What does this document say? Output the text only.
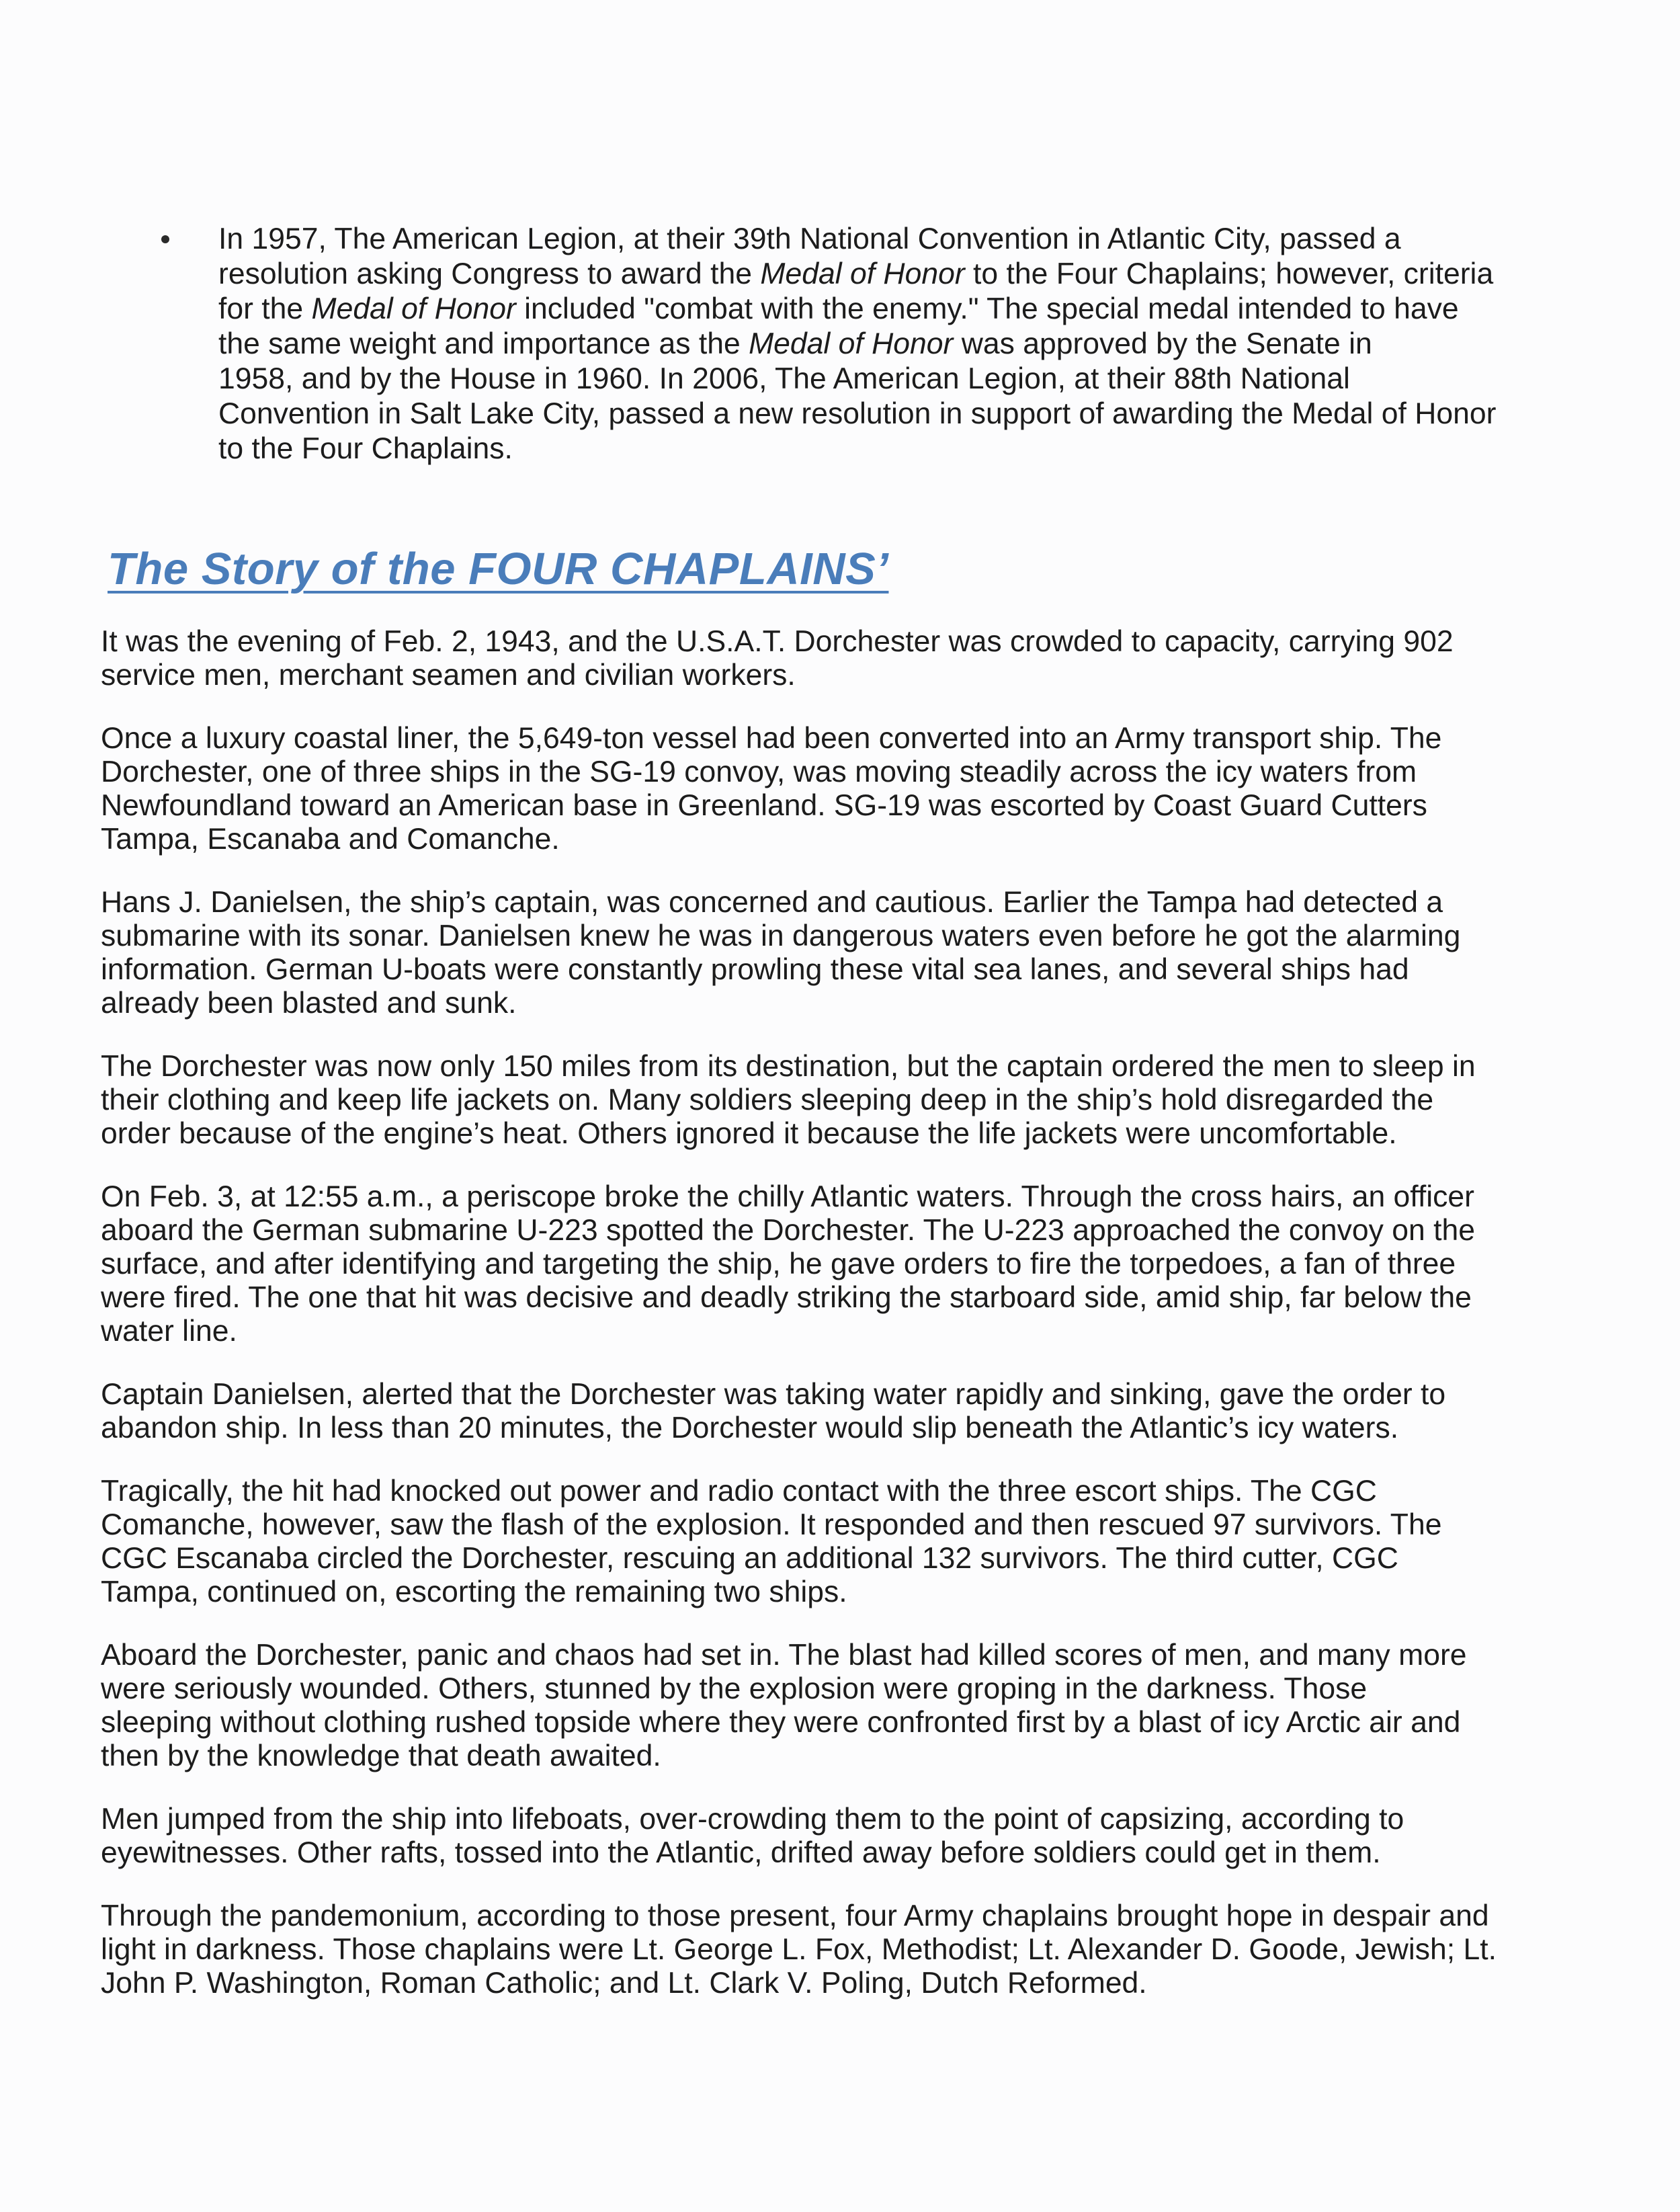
In 1957, The American Legion, at their 39th National Convention in Atlantic City, passed a
resolution asking Congress to award the Medal of Honor to the Four Chaplains; however, criteria
for the Medal of Honor included "combat with the enemy." The special medal intended to have
the same weight and importance as the Medal of Honor was approved by the Senate in
1958, and by the House in 1960. In 2006, The American Legion, at their 88th National
Convention in Salt Lake City, passed a new resolution in support of awarding the Medal of Honor
to the Four Chaplains.
The Story of the FOUR CHAPLAINS’

It was the evening of Feb. 2, 1943, and the U.S.A.T. Dorchester was crowded to capacity, carrying 902
service men, merchant seamen and civilian workers.

Once a luxury coastal liner, the 5,649-ton vessel had been converted into an Army transport ship. The
Dorchester, one of three ships in the SG-19 convoy, was moving steadily across the icy waters from
Newfoundland toward an American base in Greenland. SG-19 was escorted by Coast Guard Cutters
Tampa, Escanaba and Comanche.

Hans J. Danielsen, the ship’s captain, was concerned and cautious. Earlier the Tampa had detected a
submarine with its sonar. Danielsen knew he was in dangerous waters even before he got the alarming
information. German U-boats were constantly prowling these vital sea lanes, and several ships had
already been blasted and sunk.

The Dorchester was now only 150 miles from its destination, but the captain ordered the men to sleep in
their clothing and keep life jackets on. Many soldiers sleeping deep in the ship’s hold disregarded the
order because of the engine’s heat. Others ignored it because the life jackets were uncomfortable.

On Feb. 3, at 12:55 a.m., a periscope broke the chilly Atlantic waters. Through the cross hairs, an officer
aboard the German submarine U-223 spotted the Dorchester. The U-223 approached the convoy on the
surface, and after identifying and targeting the ship, he gave orders to fire the torpedoes, a fan of three
were fired. The one that hit was decisive and deadly striking the starboard side, amid ship, far below the
water line.

Captain Danielsen, alerted that the Dorchester was taking water rapidly and sinking, gave the order to
abandon ship. In less than 20 minutes, the Dorchester would slip beneath the Atlantic’s icy waters.

Tragically, the hit had knocked out power and radio contact with the three escort ships. The CGC
Comanche, however, saw the flash of the explosion. It responded and then rescued 97 survivors. The
CGC Escanaba circled the Dorchester, rescuing an additional 132 survivors. The third cutter, CGC
Tampa, continued on, escorting the remaining two ships.

Aboard the Dorchester, panic and chaos had set in. The blast had killed scores of men, and many more
were seriously wounded. Others, stunned by the explosion were groping in the darkness. Those
sleeping without clothing rushed topside where they were confronted first by a blast of icy Arctic air and
then by the knowledge that death awaited.

Men jumped from the ship into lifeboats, over-crowding them to the point of capsizing, according to
eyewitnesses. Other rafts, tossed into the Atlantic, drifted away before soldiers could get in them.

Through the pandemonium, according to those present, four Army chaplains brought hope in despair and
light in darkness. Those chaplains were Lt. George L. Fox, Methodist; Lt. Alexander D. Goode, Jewish; Lt.
John P. Washington, Roman Catholic; and Lt. Clark V. Poling, Dutch Reformed.
